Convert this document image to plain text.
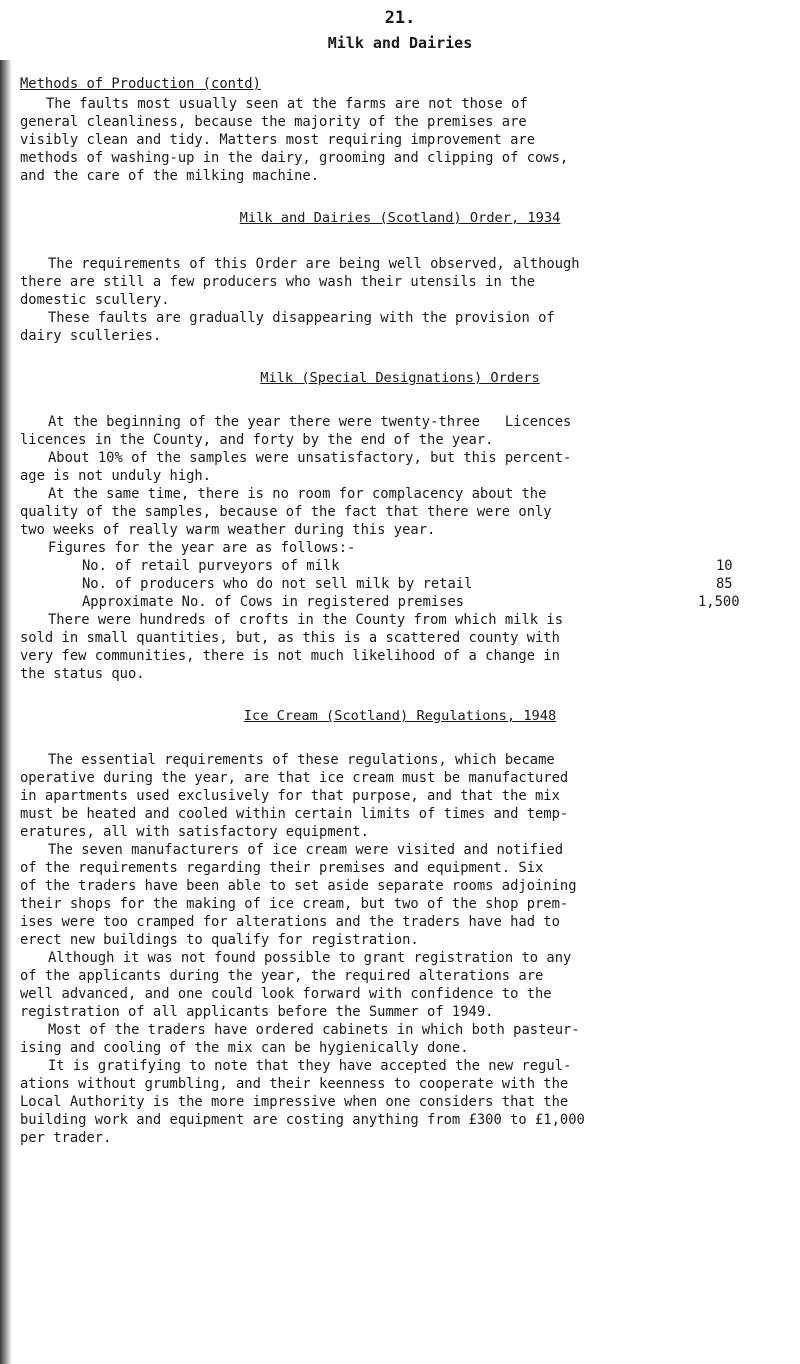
21.
Milk and Dairies
Methods of Production (contd)
The faults most usually seen at the farms are not those of
general cleanliness, because the majority of the premises are
visibly clean and tidy. Matters most requiring improvement are
methods of washing-up in the dairy, grooming and clipping of cows,
and the care of the milking machine.
Milk and Dairies (Scotland) Order, 1934
The requirements of this Order are being well observed, although
there are still a few producers who wash their utensils in the
domestic scullery.
These faults are gradually disappearing with the provision of
dairy sculleries.
Milk (Special Designations) Orders
At the beginning of the year there were twenty-three   Licences
licences in the County, and forty by the end of the year.
About 10% of the samples were unsatisfactory, but this percent-
age is not unduly high.
At the same time, there is no room for complacency about the
quality of the samples, because of the fact that there were only
two weeks of really warm weather during this year.
Figures for the year are as follows:-
No. of retail purveyors of milk	10
No. of producers who do not sell milk by retail	85
Approximate No. of Cows in registered premises	1,500
There were hundreds of crofts in the County from which milk is
sold in small quantities, but, as this is a scattered county with
very few communities, there is not much likelihood of a change in
the status quo.
Ice Cream (Scotland) Regulations, 1948
The essential requirements of these regulations, which became
operative during the year, are that ice cream must be manufactured
in apartments used exclusively for that purpose, and that the mix
must be heated and cooled within certain limits of times and temp-
eratures, all with satisfactory equipment.
The seven manufacturers of ice cream were visited and notified
of the requirements regarding their premises and equipment. Six
of the traders have been able to set aside separate rooms adjoining
their shops for the making of ice cream, but two of the shop prem-
ises were too cramped for alterations and the traders have had to
erect new buildings to qualify for registration.
Although it was not found possible to grant registration to any
of the applicants during the year, the required alterations are
well advanced, and one could look forward with confidence to the
registration of all applicants before the Summer of 1949.
Most of the traders have ordered cabinets in which both pasteur-
ising and cooling of the mix can be hygienically done.
It is gratifying to note that they have accepted the new regul-
ations without grumbling, and their keenness to cooperate with the
Local Authority is the more impressive when one considers that the
building work and equipment are costing anything from £300 to £1,000
per trader.
